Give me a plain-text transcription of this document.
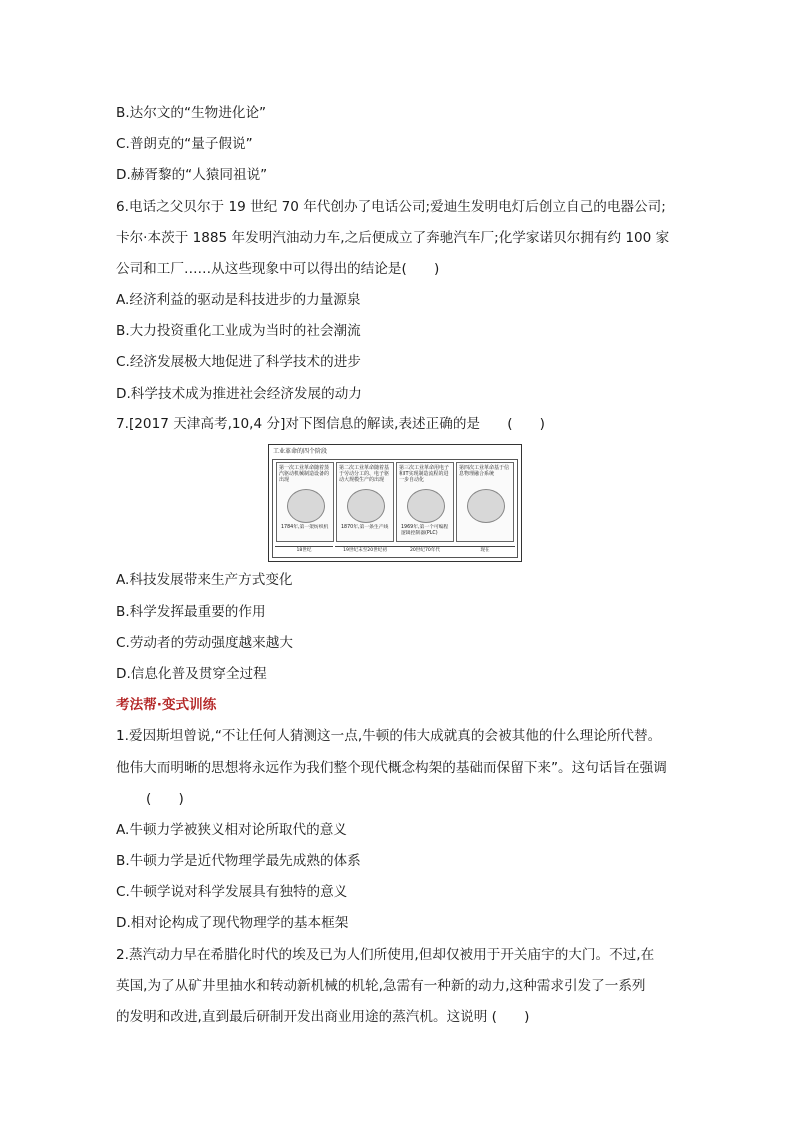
B.达尔文的“生物进化论”
C.普朗克的“量子假说”
D.赫胥黎的“人猿同祖说”
6.电话之父贝尔于 19 世纪 70 年代创办了电话公司;爱迪生发明电灯后创立自己的电器公司;
卡尔·本茨于 1885 年发明汽油动力车,之后便成立了奔驰汽车厂;化学家诺贝尔拥有约 100 家
公司和工厂……从这些现象中可以得出的结论是(　　)
A.经济利益的驱动是科技进步的力量源泉
B.大力投资重化工业成为当时的社会潮流
C.经济发展极大地促进了科学技术的进步
D.科学技术成为推进社会经济发展的动力
7.[2017 天津高考,10,4 分]对下图信息的解读,表述正确的是　　(　　)
工业革命的四个阶段
第一次工业革命随着蒸汽驱动机械制造设备的出现
1784年,第一架纺织机
第二次工业革命随着基于劳动分工的、电子驱动大规模生产的出现
1870年,第一条生产线
第三次工业革命用电子和IT实现制造流程的进一步自动化
1969年,第一个可编程逻辑控制器(PLC)
第四次工业革命基于信息物理融合系统
18世纪	19世纪末至20世纪初	20世纪70年代	现在
A.科技发展带来生产方式变化
B.科学发挥最重要的作用
C.劳动者的劳动强度越来越大
D.信息化普及贯穿全过程
考法帮·变式训练
1.爱因斯坦曾说,“不让任何人猜测这一点,牛顿的伟大成就真的会被其他的什么理论所代替。
他伟大而明晰的思想将永远作为我们整个现代概念构架的基础而保留下来”。这句话旨在强调
(　　)
A.牛顿力学被狭义相对论所取代的意义
B.牛顿力学是近代物理学最先成熟的体系
C.牛顿学说对科学发展具有独特的意义
D.相对论构成了现代物理学的基本框架
2.蒸汽动力早在希腊化时代的埃及已为人们所使用,但却仅被用于开关庙宇的大门。不过,在
英国,为了从矿井里抽水和转动新机械的机轮,急需有一种新的动力,这种需求引发了一系列
的发明和改进,直到最后研制开发出商业用途的蒸汽机。这说明 (　　)
